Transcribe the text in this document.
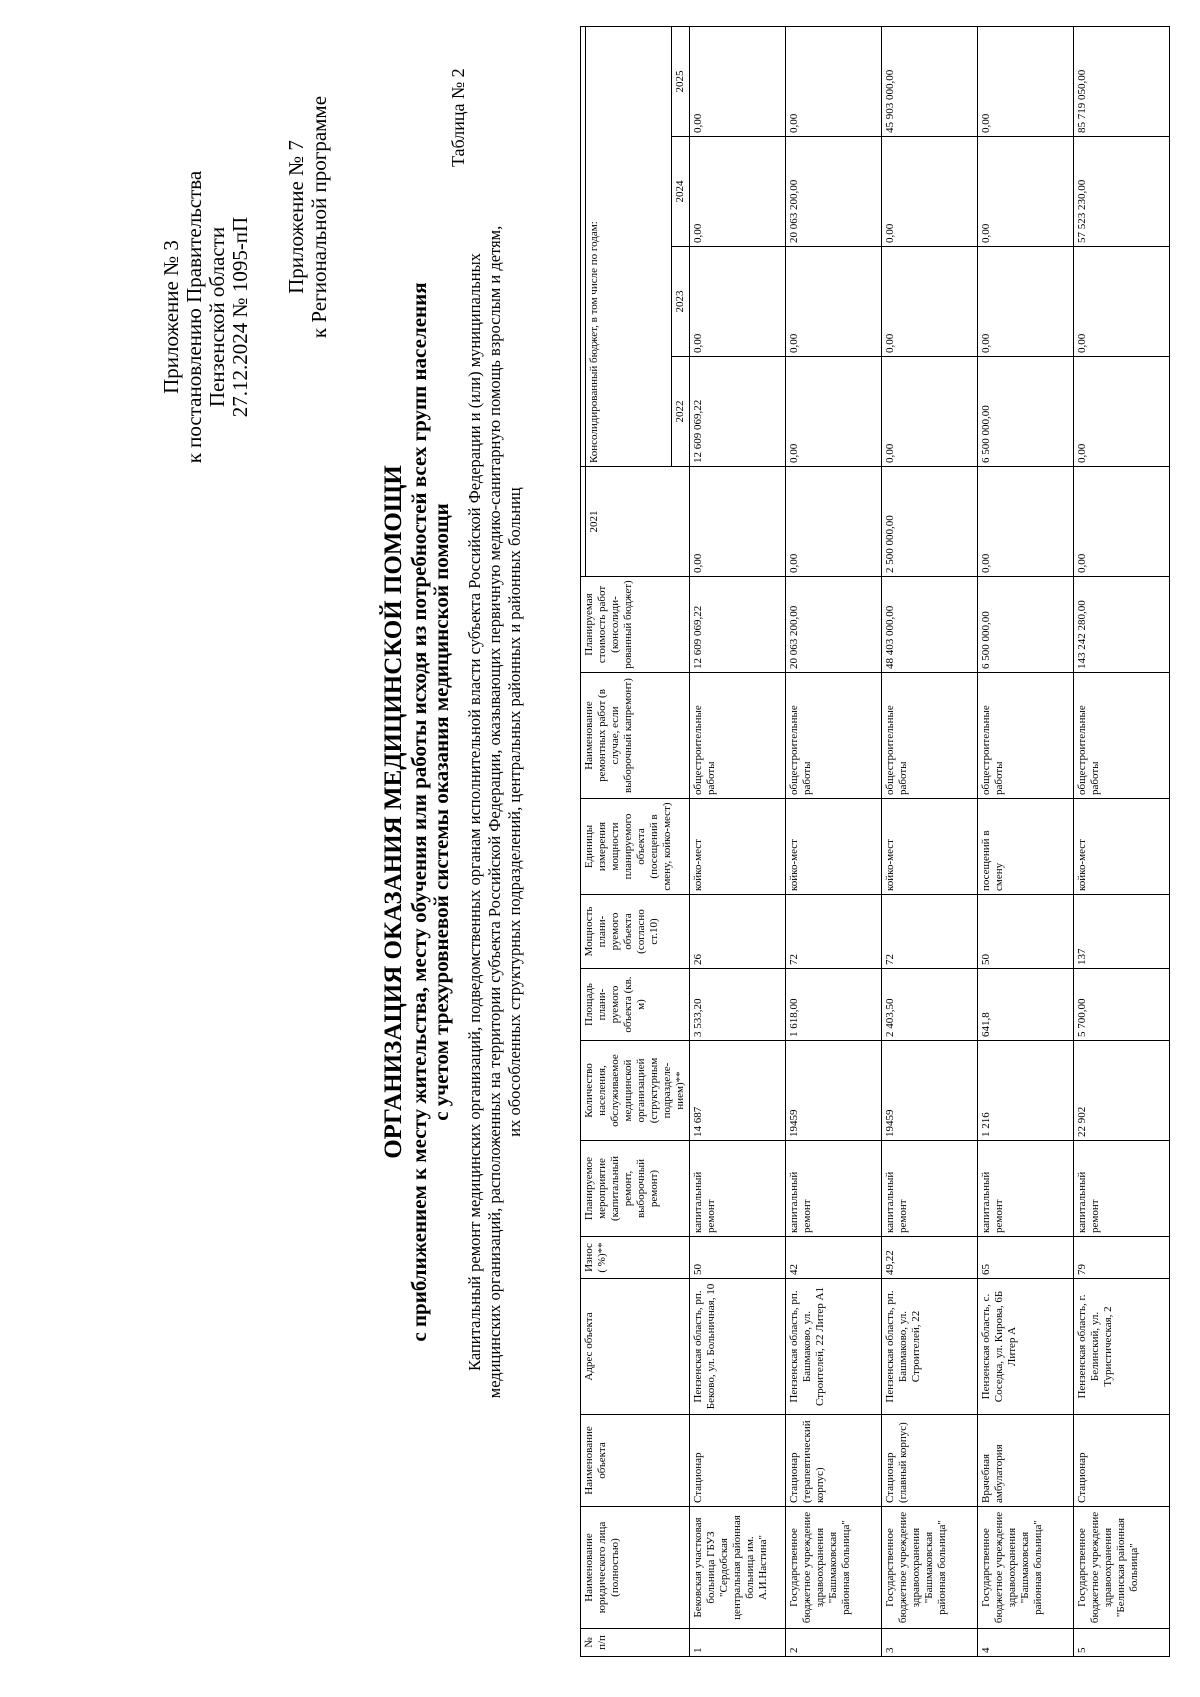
Приложение № 3 к постановлению Правительства Пензенской области 27.12.2024 № 1095-пП Приложение № 7 к Региональной программе	Таблица № 2
ОРГАНИЗАЦИЯ ОКАЗАНИЯ МЕДИЦИНСКОЙ ПОМОЩИ с приближением к месту жительства, месту обучения или работы исходя из потребностей всех групп населения
с учетом трехуровневой системы оказания медицинской помощи Капитальный ремонт медицинских организаций, подведомственных органам исполнительной власти субъекта Российской Федерации и (или) муниципальных медицинских организаций, расположенных на территории субъекта Российской Федерации, оказывающих первичную медико-санитарную помощь взрослым и детям, их обособленных структурных подразделений, центральных районных и районных больниц
№ п/п	Наименование юридического лица (полностью)	Наименование объекта	Адрес объекта	Износ ( %)**	Планируемое мероприятие (капитальный ремонт, выборочный ремонт)	Количество населения, обслуживаемое медицинской организацией (структурным подразделе-нием)**	Площадь плани-руемого объекта (кв. м)	Мощность плани-руемого объекта (согласно ст.10)	Единицы измерения мощности планируемого объекта (посещений в смену, койко-мест)	Наименование ремонтных работ (в случае, если выборочный капремонт)	Планируемая стоимость работ (консолиди-рованный бюджет)					
												2021	Консолидированный бюджет, в том числе по годам:			
													2022	2023	2024	2025
1	Бековская участковая больница ГБУЗ "Сердобская центральная районная больница им. А.И.Настина"	Стационар	Пензенская область, рп. Беково, ул. Больничная, 10	50	капитальный ремонт	14 687	3 533,20	26	койко-мест	общестроительные работы	12 609 069,22	0,00	12 609 069,22	0,00	0,00	0,00
2	Государственное бюджетное учреждение здравоохранения "Башмаковская районная больница"	Стационар (терапевтический корпус)	Пензенская область, рп. Башмаково, ул. Строителей, 22 Литер А1	42	капитальный ремонт	19459	1 618,00	72	койко-мест	общестроительные работы	20 063 200,00	0,00	0,00	0,00	20 063 200,00	0,00
3	Государственное бюджетное учреждение здравоохранения "Башмаковская районная больница"	Стационар (главный корпус)	Пензенская область, рп. Башмаково, ул. Строителей, 22	49,22	капитальный ремонт	19459	2 403,50	72	койко-мест	общестроительные работы	48 403 000,00	2 500 000,00	0,00	0,00	0,00	45 903 000,00
4	Государственное бюджетное учреждение здравоохранения "Башмаковская районная больница"	Врачебная амбулатория	Пензенская область, с. Соседка, ул. Кирова, 6Б Литер А	65	капитальный ремонт	1 216	641,8	50	посещений в смену	общестроительные работы	6 500 000,00	0,00	6 500 000,00	0,00	0,00	0,00
5	Государственное бюджетное учреждение здравоохранения "Белинская районная больница"	Стационар	Пензенская область, г. Белинский, ул. Туристическая, 2	79	капитальный ремонт	22 902	5 700,00	137	койко-мест	общестроительные работы	143 242 280,00	0,00	0,00	0,00	57 523 230,00	85 719 050,00
